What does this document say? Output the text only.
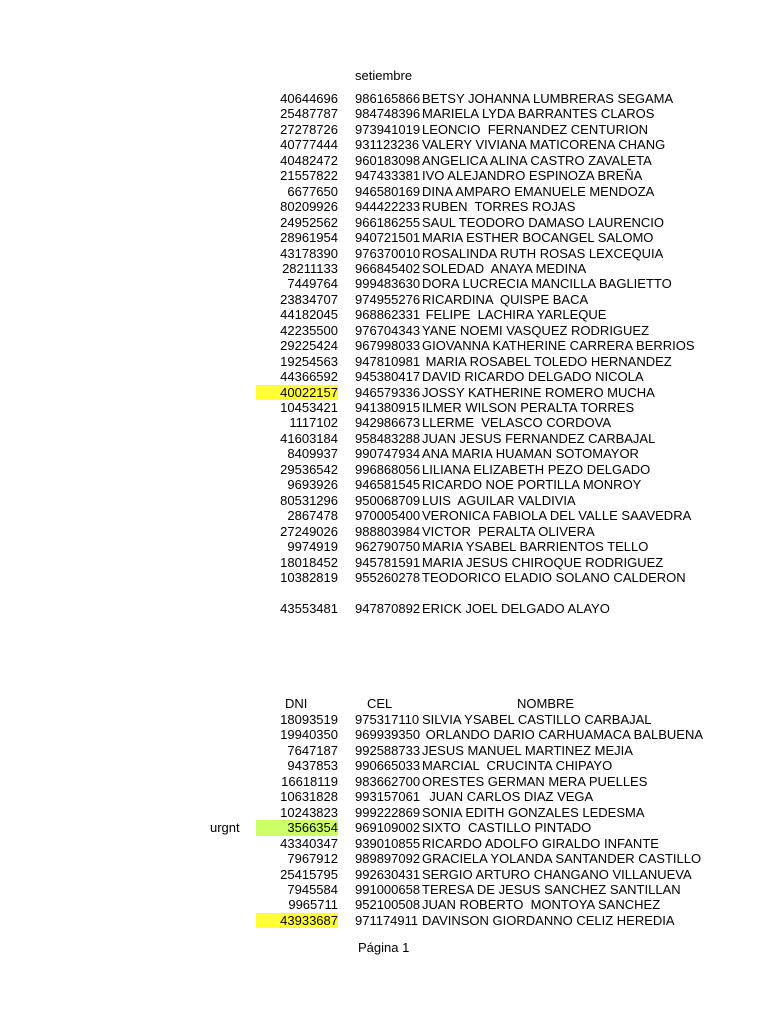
setiembre
40644696 986165866 BETSY JOHANNA LUMBRERAS SEGAMA
25487787 984748396 MARIELA LYDA BARRANTES CLAROS
27278726 973941019 LEONCIO  FERNANDEZ CENTURION
40777444 931123236 VALERY VIVIANA MATICORENA CHANG
40482472 960183098 ANGELICA ALINA CASTRO ZAVALETA
21557822 947433381 IVO ALEJANDRO ESPINOZA BREÑA
6677650 946580169 DINA AMPARO EMANUELE MENDOZA
80209926 944422233 RUBEN  TORRES ROJAS
24952562 966186255 SAUL TEODORO DAMASO LAURENCIO
28961954 940721501 MARIA ESTHER BOCANGEL SALOMO
43178390 976370010 ROSALINDA RUTH ROSAS LEXCEQUIA
28211133 966845402 SOLEDAD  ANAYA MEDINA
7449764 999483630 DORA LUCRECIA MANCILLA BAGLIETTO
23834707 974955276 RICARDINA  QUISPE BACA
44182045 968862331 FELIPE  LACHIRA YARLEQUE
42235500 976704343 YANE NOEMI VASQUEZ RODRIGUEZ
29225424 967998033 GIOVANNA KATHERINE CARRERA BERRIOS
19254563 947810981 MARIA ROSABEL TOLEDO HERNANDEZ
44366592 945380417 DAVID RICARDO DELGADO NICOLA
40022157 946579336 JOSSY KATHERINE ROMERO MUCHA
10453421 941380915 ILMER WILSON PERALTA TORRES
1117102 942986673 LLERME  VELASCO CORDOVA
41603184 958483288 JUAN JESUS FERNANDEZ CARBAJAL
8409937 990747934 ANA MARIA HUAMAN SOTOMAYOR
29536542 996868056 LILIANA ELIZABETH PEZO DELGADO
9693926 946581545 RICARDO NOE PORTILLA MONROY
80531296 950068709 LUIS  AGUILAR VALDIVIA
2867478 970005400 VERONICA FABIOLA DEL VALLE SAAVEDRA
27249026 988803984 VICTOR  PERALTA OLIVERA
9974919 962790750 MARIA YSABEL BARRIENTOS TELLO
18018452 945781591 MARIA JESUS CHIROQUE RODRIGUEZ
10382819 955260278 TEODORICO ELADIO SOLANO CALDERON
43553481 947870892 ERICK JOEL DELGADO ALAYO
DNI	CEL	NOMBRE
18093519 975317110 SILVIA YSABEL CASTILLO CARBAJAL
19940350 969939350 ORLANDO DARIO CARHUAMACA BALBUENA
7647187 992588733 JESUS MANUEL MARTINEZ MEJIA
9437853 990665033 MARCIAL  CRUCINTA CHIPAYO
16618119 983662700 ORESTES GERMAN MERA PUELLES
10631828 993157061 JUAN CARLOS DIAZ VEGA
10243823 999222869 SONIA EDITH GONZALES LEDESMA
urgnt	3566354 969109002 SIXTO  CASTILLO PINTADO
43340347 939010855 RICARDO ADOLFO GIRALDO INFANTE
7967912 989897092 GRACIELA YOLANDA SANTANDER CASTILLO
25415795 992630431 SERGIO ARTURO CHANGANO VILLANUEVA
7945584 991000658 TERESA DE JESUS SANCHEZ SANTILLAN
9965711 952100508 JUAN ROBERTO  MONTOYA SANCHEZ
43933687 971174911 DAVINSON GIORDANNO CELIZ HEREDIA
Página 1
